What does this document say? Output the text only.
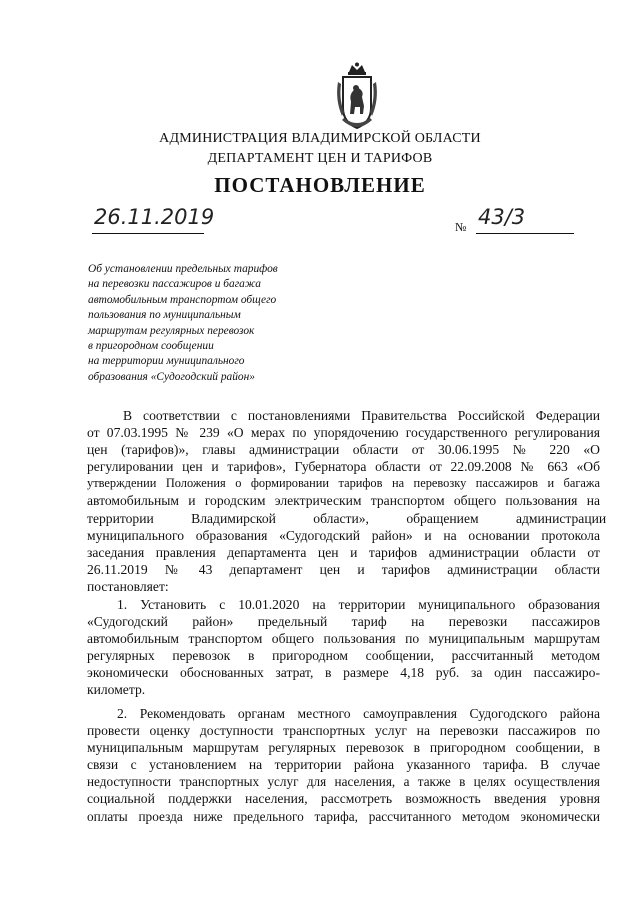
АДМИНИСТРАЦИЯ ВЛАДИМИРСКОЙ ОБЛАСТИ
ДЕПАРТАМЕНТ ЦЕН И ТАРИФОВ
ПОСТАНОВЛЕНИЕ
26.11.2019	№ 43/3
Об установлении предельных тарифов
на перевозки пассажиров и багажа
автомобильным транспортом общего
пользования по муниципальным
маршрутам регулярных перевозок
в пригородном сообщении
на территории муниципального
образования «Судогодский район»
В соответствии с постановлениями Правительства Российской Федерации
от 07.03.1995 № 239 «О мерах по упорядочению государственного регулирования
цен (тарифов)», главы администрации области от 30.06.1995 № 220 «О
регулировании цен и тарифов», Губернатора области от 22.09.2008 № 663 «Об
утверждении Положения о формировании тарифов на перевозку пассажиров и багажа
автомобильным и городским электрическим транспортом общего пользования на
территории Владимирской области», обращением администрации
муниципального образования «Судогодский район» и на основании протокола
заседания правления департамента цен и тарифов администрации области от
26.11.2019 № 43 департамент цен и тарифов администрации области
постановляет:
1. Установить с 10.01.2020 на территории муниципального образования
«Судогодский район» предельный тариф на перевозки пассажиров
автомобильным транспортом общего пользования по муниципальным маршрутам
регулярных перевозок в пригородном сообщении, рассчитанный методом
экономически обоснованных затрат, в размере 4,18 руб. за один пассажиро-
километр.
2. Рекомендовать органам местного самоуправления Судогодского района
провести оценку доступности транспортных услуг на перевозки пассажиров по
муниципальным маршрутам регулярных перевозок в пригородном сообщении, в
связи с установлением на территории района указанного тарифа. В случае
недоступности транспортных услуг для населения, а также в целях осуществления
социальной поддержки населения, рассмотреть возможность введения уровня
оплаты проезда ниже предельного тарифа, рассчитанного методом экономически
